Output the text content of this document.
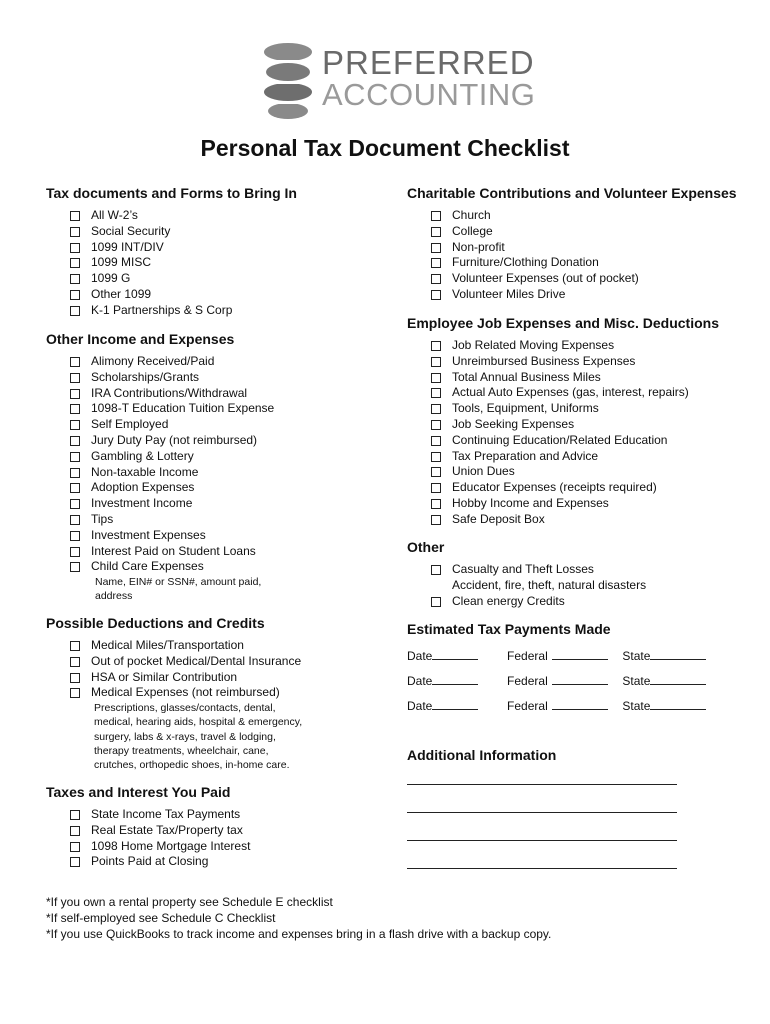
PREFERRED
ACCOUNTING
Personal Tax Document Checklist
Tax documents and Forms to Bring In
All W-2’s
Social Security
1099 INT/DIV
1099 MISC
1099 G
Other 1099
K-1 Partnerships & S Corp
Other Income and Expenses
Alimony Received/Paid
Scholarships/Grants
IRA Contributions/Withdrawal
1098-T Education Tuition Expense
Self Employed
Jury Duty Pay (not reimbursed)
Gambling & Lottery
Non-taxable Income
Adoption Expenses
Investment Income
Tips
Investment Expenses
Interest Paid on Student Loans
Child Care Expenses
Name, EIN# or SSN#, amount paid,
address
Possible Deductions and Credits
Medical Miles/Transportation
Out of pocket Medical/Dental Insurance
HSA or Similar Contribution
Medical Expenses (not reimbursed)
Prescriptions, glasses/contacts, dental,
medical, hearing aids, hospital & emergency,
surgery, labs & x-rays, travel & lodging,
therapy treatments, wheelchair, cane,
crutches, orthopedic shoes, in-home care.
Taxes and Interest You Paid
State Income Tax Payments
Real Estate Tax/Property tax
1098 Home Mortgage Interest
Points Paid at Closing
Charitable Contributions and Volunteer Expenses
Church
College
Non-profit
Furniture/Clothing Donation
Volunteer Expenses (out of pocket)
Volunteer Miles Drive
Employee Job Expenses and Misc. Deductions
Job Related Moving Expenses
Unreimbursed Business Expenses
Total Annual Business Miles
Actual Auto Expenses (gas, interest, repairs)
Tools, Equipment, Uniforms
Job Seeking Expenses
Continuing Education/Related Education
Tax Preparation and Advice
Union Dues
Educator Expenses (receipts required)
Hobby Income and Expenses
Safe Deposit Box
Other
Casualty and Theft Losses
Accident, fire, theft, natural disasters
Clean energy Credits
Estimated Tax Payments Made
Date	Federal	State
Date	Federal	State
Date	Federal	State
Additional Information
*If you own a rental property see Schedule E checklist
*If self-employed see Schedule C Checklist
*If you use QuickBooks to track income and expenses bring in a flash drive with a backup copy.
